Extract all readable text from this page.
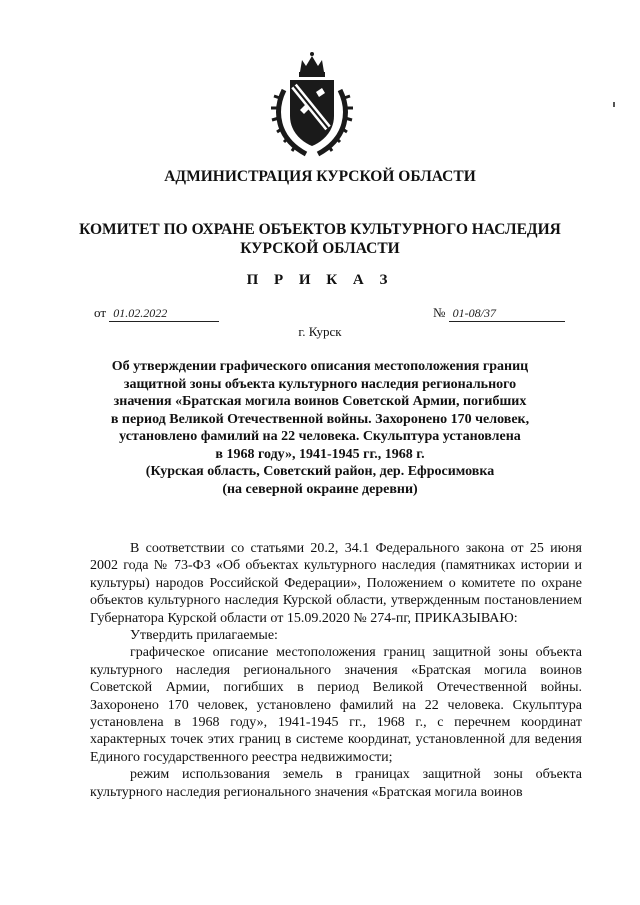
АДМИНИСТРАЦИЯ КУРСКОЙ ОБЛАСТИ
КОМИТЕТ ПО ОХРАНЕ ОБЪЕКТОВ КУЛЬТУРНОГО НАСЛЕДИЯ
КУРСКОЙ ОБЛАСТИ
П Р И К А З
от 01.02.2022	№ 01-08/37
г. Курск
Об утверждении графического описания местоположения границ
защитной зоны объекта культурного наследия регионального
значения «Братская могила воинов Советской Армии, погибших
в период Великой Отечественной войны. Захоронено 170 человек,
установлено фамилий на 22 человека. Скульптура установлена
в 1968 году», 1941-1945 гг., 1968 г.
(Курская область, Советский район, дер. Ефросимовка
(на северной окраине деревни)

В соответствии со статьями 20.2, 34.1 Федерального закона от 25 июня 2002 года № 73-ФЗ «Об объектах культурного наследия (памятниках истории и культуры) народов Российской Федерации», Положением о комитете по охране объектов культурного наследия Курской области, утвержденным постановлением Губернатора Курской области от 15.09.2020 № 274-пг, ПРИКАЗЫВАЮ:

Утвердить прилагаемые:

графическое описание местоположения границ защитной зоны объекта культурного наследия регионального значения «Братская могила воинов Советской Армии, погибших в период Великой Отечественной войны. Захоронено 170 человек, установлено фамилий на 22 человека. Скульптура установлена в 1968 году», 1941-1945 гг., 1968 г., с перечнем координат характерных точек этих границ в системе координат, установленной для ведения Единого государственного реестра недвижимости;

режим использования земель в границах защитной зоны объекта культурного наследия регионального значения «Братская могила воинов
